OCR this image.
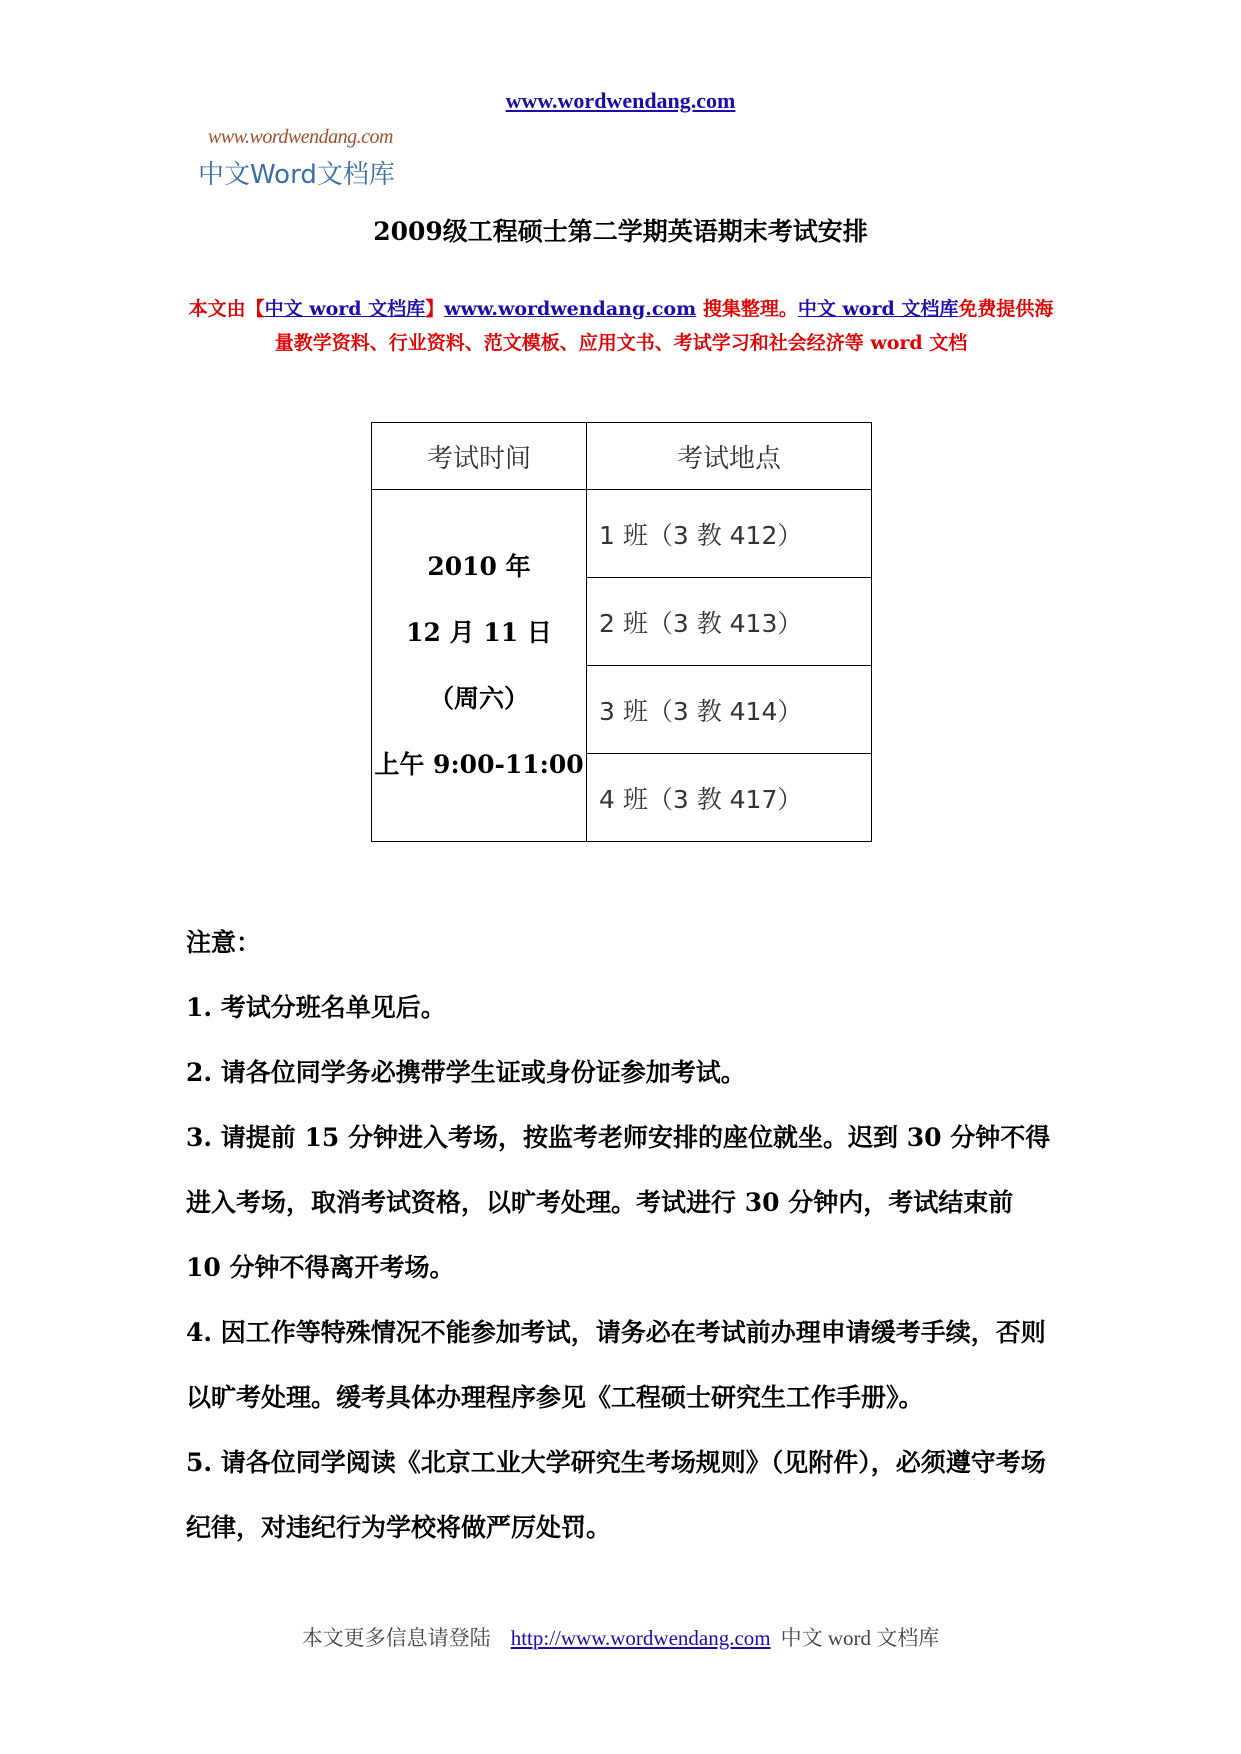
www.wordwendang.com
www.wordwendang.com
中文Word文档库
2009级工程硕士第二学期英语期末考试安排
本文由【中文 word 文档库】www.wordwendang.com 搜集整理。中文 word 文档库免费提供海量教学资料、行业资料、范文模板、应用文书、考试学习和社会经济等 word 文档
考试时间	考试地点

2010 年
12 月 11 日
（周六）
上午 9:00-11:00	1 班（3 教 412）
	2 班（3 教 413）
	3 班（3 教 414）
	4 班（3 教 417）

注意：

1. 考试分班名单见后。

2. 请各位同学务必携带学生证或身份证参加考试。

3. 请提前 15 分钟进入考场，按监考老师安排的座位就坐。迟到 30 分钟不得进入考场，取消考试资格，以旷考处理。考试进行 30 分钟内，考试结束前 10 分钟不得离开考场。

4. 因工作等特殊情况不能参加考试，请务必在考试前办理申请缓考手续，否则以旷考处理。缓考具体办理程序参见《工程硕士研究生工作手册》。

5. 请各位同学阅读《北京工业大学研究生考场规则》（见附件），必须遵守考场纪律，对违纪行为学校将做严厉处罚。

本文更多信息请登陆 http://www.wordwendang.com 中文 word 文档库
